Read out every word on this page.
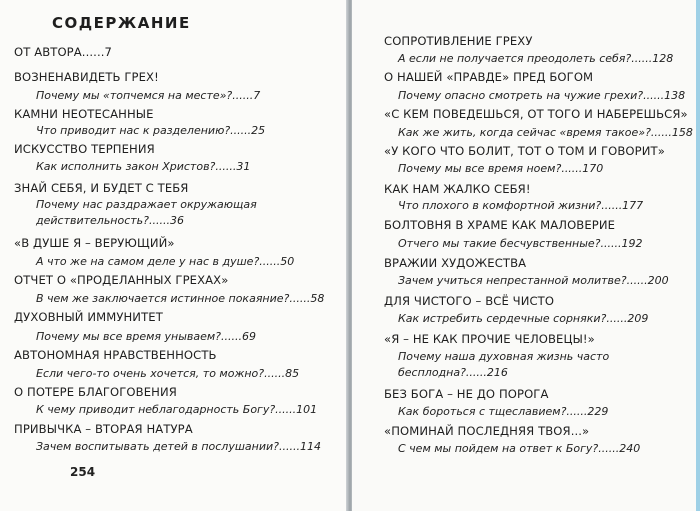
СОДЕРЖАНИЕ
ОТ АВТОРА......7
ВОЗНЕНАВИДЕТЬ ГРЕХ!
Почему мы «топчемся на месте»?......7
КАМНИ НЕОТЕСАННЫЕ
Что приводит нас к разделению?......25
ИСКУССТВО ТЕРПЕНИЯ
Как исполнить закон Христов?......31
ЗНАЙ СЕБЯ, И БУДЕТ С ТЕБЯ
Почему нас раздражает окружающая
действительность?......36
«В ДУШЕ Я – ВЕРУЮЩИЙ»
А что же на самом деле у нас в душе?......50
ОТЧЕТ О «ПРОДЕЛАННЫХ ГРЕХАХ»
В чем же заключается истинное покаяние?......58
ДУХОВНЫЙ ИММУНИТЕТ
Почему мы все время унываем?......69
АВТОНОМНАЯ НРАВСТВЕННОСТЬ
Если чего-то очень хочется, то можно?......85
О ПОТЕРЕ БЛАГОГОВЕНИЯ
К чему приводит неблагодарность Богу?......101
ПРИВЫЧКА – ВТОРАЯ НАТУРА
Зачем воспитывать детей в послушании?......114
254
СОПРОТИВЛЕНИЕ ГРЕХУ
А если не получается преодолеть себя?......128
О НАШЕЙ «ПРАВДЕ» ПРЕД БОГОМ
Почему опасно смотреть на чужие грехи?......138
«С КЕМ ПОВЕДЕШЬСЯ, ОТ ТОГО И НАБЕРЕШЬСЯ»
Как же жить, когда сейчас «время такое»?......158
«У КОГО ЧТО БОЛИТ, ТОТ О ТОМ И ГОВОРИТ»
Почему мы все время ноем?......170
КАК НАМ ЖАЛКО СЕБЯ!
Что плохого в комфортной жизни?......177
БОЛТОВНЯ В ХРАМЕ КАК МАЛОВЕРИЕ
Отчего мы такие бесчувственные?......192
ВРАЖИИ ХУДОЖЕСТВА
Зачем учиться непрестанной молитве?......200
ДЛЯ ЧИСТОГО – ВСЁ ЧИСТО
Как истребить сердечные сорняки?......209
«Я – НЕ КАК ПРОЧИЕ ЧЕЛОВЕЦЫ!»
Почему наша духовная жизнь часто
бесплодна?......216
БЕЗ БОГА – НЕ ДО ПОРОГА
Как бороться с тщеславием?......229
«ПОМИНАЙ ПОСЛЕДНЯЯ ТВОЯ...»
С чем мы пойдем на ответ к Богу?......240
